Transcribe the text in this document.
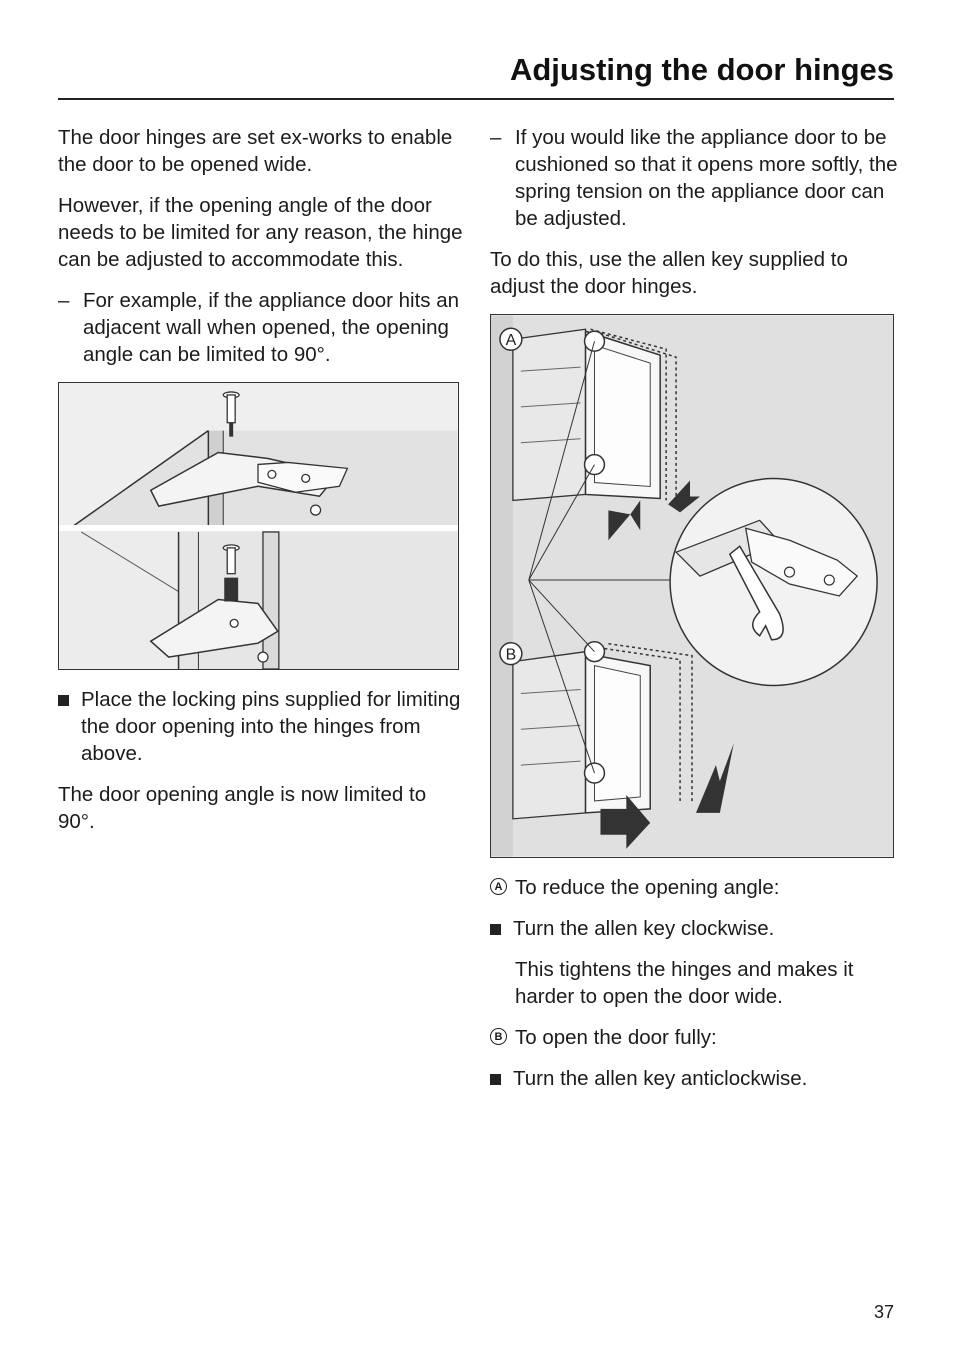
Adjusting the door hinges

The door hinges are set ex-works to enable the door to be opened wide.

However, if the opening angle of the door needs to be limited for any reason, the hinge can be adjusted to accommodate this.

– For example, if the appliance door hits an adjacent wall when opened, the opening angle can be limited to 90°.
Place the locking pins supplied for limiting the door opening into the hinges from above.

The door opening angle is now limited to 90°.

– If you would like the appliance door to be cushioned so that it opens more softly, the spring tension on the appliance door can be adjusted.

To do this, use the allen key supplied to adjust the door hinges.

A
B
A To reduce the opening angle:
Turn the allen key clockwise.

This tightens the hinges and makes it harder to open the door wide.

B To open the door fully:
Turn the allen key anticlockwise.
37
